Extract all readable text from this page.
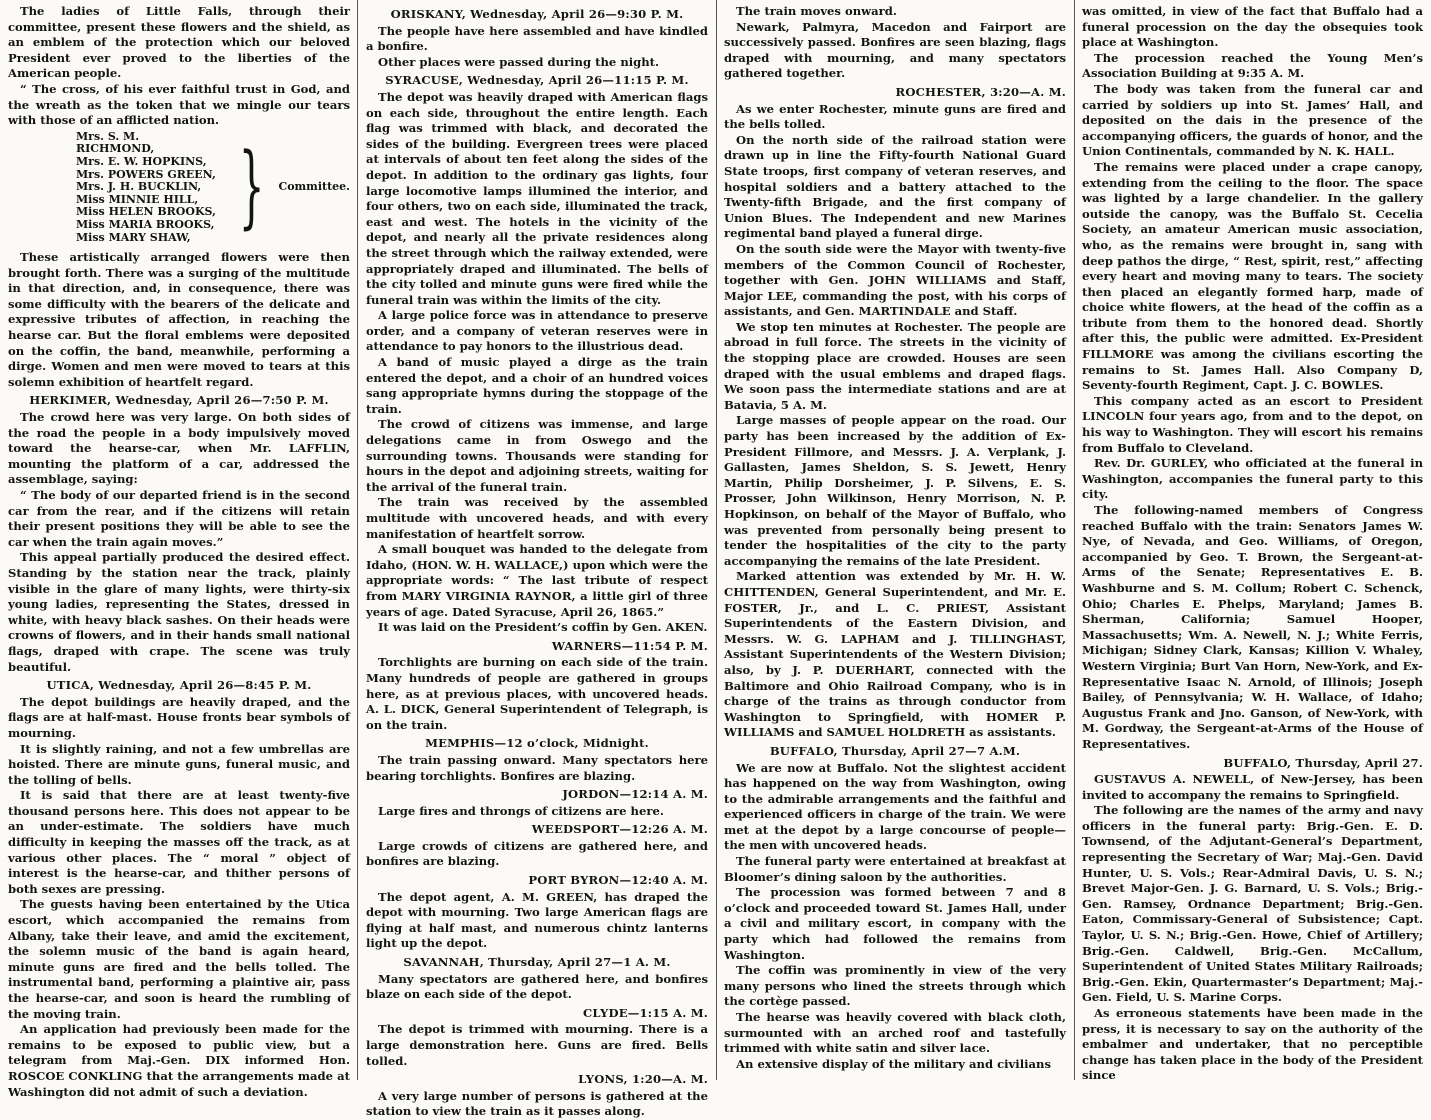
The ladies of Little Falls, through their committee, present these flowers and the shield, as an emblem of the protection which our beloved President ever proved to the liberties of the American people.

“ The cross, of his ever faithful trust in God, and the wreath as the token that we mingle our tears with those of an afflicted nation.

Mrs. S. M. RICHMOND,
Mrs. E. W. HOPKINS,
Mrs. POWERS GREEN,
Mrs. J. H. BUCKLIN,
Miss MINNIE HILL,
Miss HELEN BROOKS,
Miss MARIA BROOKS,
Miss MARY SHAW, } Committee.

These artistically arranged flowers were then brought forth. There was a surging of the multitude in that direction, and, in consequence, there was some difficulty with the bearers of the delicate and expressive tributes of affection, in reaching the hearse car. But the floral emblems were deposited on the coffin, the band, meanwhile, performing a dirge. Women and men were moved to tears at this solemn exhibition of heartfelt regard.

HERKIMER, Wednesday, April 26—7:50 P. M.

The crowd here was very large. On both sides of the road the people in a body impulsively moved toward the hearse-car, when Mr. LAFFLIN, mounting the platform of a car, addressed the assemblage, saying:

“ The body of our departed friend is in the second car from the rear, and if the citizens will retain their present positions they will be able to see the car when the train again moves.”

This appeal partially produced the desired effect. Standing by the station near the track, plainly visible in the glare of many lights, were thirty-six young ladies, representing the States, dressed in white, with heavy black sashes. On their heads were crowns of flowers, and in their hands small national flags, draped with crape. The scene was truly beautiful.

UTICA, Wednesday, April 26—8:45 P. M.

The depot buildings are heavily draped, and the flags are at half-mast. House fronts bear symbols of mourning.

It is slightly raining, and not a few umbrellas are hoisted. There are minute guns, funeral music, and the tolling of bells.

It is said that there are at least twenty-five thousand persons here. This does not appear to be an under-estimate. The soldiers have much difficulty in keeping the masses off the track, as at various other places. The “ moral ” object of interest is the hearse-car, and thither persons of both sexes are pressing.

The guests having been entertained by the Utica escort, which accompanied the remains from Albany, take their leave, and amid the excitement, the solemn music of the band is again heard, minute guns are fired and the bells tolled. The instrumental band, performing a plaintive air, pass the hearse-car, and soon is heard the rumbling of the moving train.

An application had previously been made for the remains to be exposed to public view, but a telegram from Maj.-Gen. DIX informed Hon. ROSCOE CONKLING that the arrangements made at Washington did not admit of such a deviation.

ORISKANY, Wednesday, April 26—9:30 P. M.

The people have here assembled and have kindled a bonfire.

Other places were passed during the night.

SYRACUSE, Wednesday, April 26—11:15 P. M.

The depot was heavily draped with American flags on each side, throughout the entire length. Each flag was trimmed with black, and decorated the sides of the building. Evergreen trees were placed at intervals of about ten feet along the sides of the depot. In addition to the ordinary gas lights, four large locomotive lamps illumined the interior, and four others, two on each side, illuminated the track, east and west. The hotels in the vicinity of the depot, and nearly all the private residences along the street through which the railway extended, were appropriately draped and illuminated. The bells of the city tolled and minute guns were fired while the funeral train was within the limits of the city.

A large police force was in attendance to preserve order, and a company of veteran reserves were in attendance to pay honors to the illustrious dead.

A band of music played a dirge as the train entered the depot, and a choir of an hundred voices sang appropriate hymns during the stoppage of the train.

The crowd of citizens was immense, and large delegations came in from Oswego and the surrounding towns. Thousands were standing for hours in the depot and adjoining streets, waiting for the arrival of the funeral train.

The train was received by the assembled multitude with uncovered heads, and with every manifestation of heartfelt sorrow.

A small bouquet was handed to the delegate from Idaho, (HON. W. H. WALLACE,) upon which were the appropriate words: “ The last tribute of respect from MARY VIRGINIA RAYNOR, a little girl of three years of age. Dated Syracuse, April 26, 1865.”

It was laid on the President’s coffin by Gen. AKEN.

WARNERS—11:54 P. M.

Torchlights are burning on each side of the train. Many hundreds of people are gathered in groups here, as at previous places, with uncovered heads. A. L. DICK, General Superintendent of Telegraph, is on the train.

MEMPHIS—12 o’clock, Midnight.

The train passing onward. Many spectators here bearing torchlights. Bonfires are blazing.

JORDON—12:14 A. M.

Large fires and throngs of citizens are here.

WEEDSPORT—12:26 A. M.

Large crowds of citizens are gathered here, and bonfires are blazing.

PORT BYRON—12:40 A. M.

The depot agent, A. M. GREEN, has draped the depot with mourning. Two large American flags are flying at half mast, and numerous chintz lanterns light up the depot.

SAVANNAH, Thursday, April 27—1 A. M.

Many spectators are gathered here, and bonfires blaze on each side of the depot.

CLYDE—1:15 A. M.

The depot is trimmed with mourning. There is a large demonstration here. Guns are fired. Bells tolled.

LYONS, 1:20—A. M.

A very large number of persons is gathered at the station to view the train as it passes along.

The train moves onward.

Newark, Palmyra, Macedon and Fairport are successively passed. Bonfires are seen blazing, flags draped with mourning, and many spectators gathered together.

ROCHESTER, 3:20—A. M.

As we enter Rochester, minute guns are fired and the bells tolled.

On the north side of the railroad station were drawn up in line the Fifty-fourth National Guard State troops, first company of veteran reserves, and hospital soldiers and a battery attached to the Twenty-fifth Brigade, and the first company of Union Blues. The Independent and new Marines regimental band played a funeral dirge.

On the south side were the Mayor with twenty-five members of the Common Council of Rochester, together with Gen. JOHN WILLIAMS and Staff, Major LEE, commanding the post, with his corps of assistants, and Gen. MARTINDALE and Staff.

We stop ten minutes at Rochester. The people are abroad in full force. The streets in the vicinity of the stopping place are crowded. Houses are seen draped with the usual emblems and draped flags. We soon pass the intermediate stations and are at Batavia, 5 A. M.

Large masses of people appear on the road. Our party has been increased by the addition of Ex-President Fillmore, and Messrs. J. A. Verplank, J. Gallasten, James Sheldon, S. S. Jewett, Henry Martin, Philip Dorsheimer, J. P. Silvens, E. S. Prosser, John Wilkinson, Henry Morrison, N. P. Hopkinson, on behalf of the Mayor of Buffalo, who was prevented from personally being present to tender the hospitalities of the city to the party accompanying the remains of the late President.

Marked attention was extended by Mr. H. W. CHITTENDEN, General Superintendent, and Mr. E. FOSTER, Jr., and L. C. PRIEST, Assistant Superintendents of the Eastern Division, and Messrs. W. G. LAPHAM and J. TILLINGHAST, Assistant Superintendents of the Western Division; also, by J. P. DUERHART, connected with the Baltimore and Ohio Railroad Company, who is in charge of the trains as through conductor from Washington to Springfield, with HOMER P. WILLIAMS and SAMUEL HOLDRETH as assistants.

BUFFALO, Thursday, April 27—7 A.M.

We are now at Buffalo. Not the slightest accident has happened on the way from Washington, owing to the admirable arrangements and the faithful and experienced officers in charge of the train. We were met at the depot by a large concourse of people—the men with uncovered heads.

The funeral party were entertained at breakfast at Bloomer’s dining saloon by the authorities.

The procession was formed between 7 and 8 o’clock and proceeded toward St. James Hall, under a civil and military escort, in company with the party which had followed the remains from Washington.

The coffin was prominently in view of the very many persons who lined the streets through which the cortège passed.

The hearse was heavily covered with black cloth, surmounted with an arched roof and tastefully trimmed with white satin and silver lace.

An extensive display of the military and civilians

was omitted, in view of the fact that Buffalo had a funeral procession on the day the obsequies took place at Washington.

The procession reached the Young Men’s Association Building at 9:35 A. M.

The body was taken from the funeral car and carried by soldiers up into St. James’ Hall, and deposited on the dais in the presence of the accompanying officers, the guards of honor, and the Union Continentals, commanded by N. K. HALL.

The remains were placed under a crape canopy, extending from the ceiling to the floor. The space was lighted by a large chandelier. In the gallery outside the canopy, was the Buffalo St. Cecelia Society, an amateur American music association, who, as the remains were brought in, sang with deep pathos the dirge, “ Rest, spirit, rest,” affecting every heart and moving many to tears. The society then placed an elegantly formed harp, made of choice white flowers, at the head of the coffin as a tribute from them to the honored dead. Shortly after this, the public were admitted. Ex-President FILLMORE was among the civilians escorting the remains to St. James Hall. Also Company D, Seventy-fourth Regiment, Capt. J. C. BOWLES.

This company acted as an escort to President LINCOLN four years ago, from and to the depot, on his way to Washington. They will escort his remains from Buffalo to Cleveland.

Rev. Dr. GURLEY, who officiated at the funeral in Washington, accompanies the funeral party to this city.

The following-named members of Congress reached Buffalo with the train: Senators James W. Nye, of Nevada, and Geo. Williams, of Oregon, accompanied by Geo. T. Brown, the Sergeant-at-Arms of the Senate; Representatives E. B. Washburne and S. M. Collum; Robert C. Schenck, Ohio; Charles E. Phelps, Maryland; James B. Sherman, California; Samuel Hooper, Massachusetts; Wm. A. Newell, N. J.; White Ferris, Michigan; Sidney Clark, Kansas; Killion V. Whaley, Western Virginia; Burt Van Horn, New-York, and Ex-Representative Isaac N. Arnold, of Illinois; Joseph Bailey, of Pennsylvania; W. H. Wallace, of Idaho; Augustus Frank and Jno. Ganson, of New-York, with M. Gordway, the Sergeant-at-Arms of the House of Representatives.

BUFFALO, Thursday, April 27.

GUSTAVUS A. NEWELL, of New-Jersey, has been invited to accompany the remains to Springfield.

The following are the names of the army and navy officers in the funeral party: Brig.-Gen. E. D. Townsend, of the Adjutant-General’s Department, representing the Secretary of War; Maj.-Gen. David Hunter, U. S. Vols.; Rear-Admiral Davis, U. S. N.; Brevet Major-Gen. J. G. Barnard, U. S. Vols.; Brig.-Gen. Ramsey, Ordnance Department; Brig.-Gen. Eaton, Commissary-General of Subsistence; Capt. Taylor, U. S. N.; Brig.-Gen. Howe, Chief of Artillery; Brig.-Gen. Caldwell, Brig.-Gen. McCallum, Superintendent of United States Military Railroads; Brig.-Gen. Ekin, Quartermaster’s Department; Maj.-Gen. Field, U. S. Marine Corps.

As erroneous statements have been made in the press, it is necessary to say on the authority of the embalmer and undertaker, that no perceptible change has taken place in the body of the President since
